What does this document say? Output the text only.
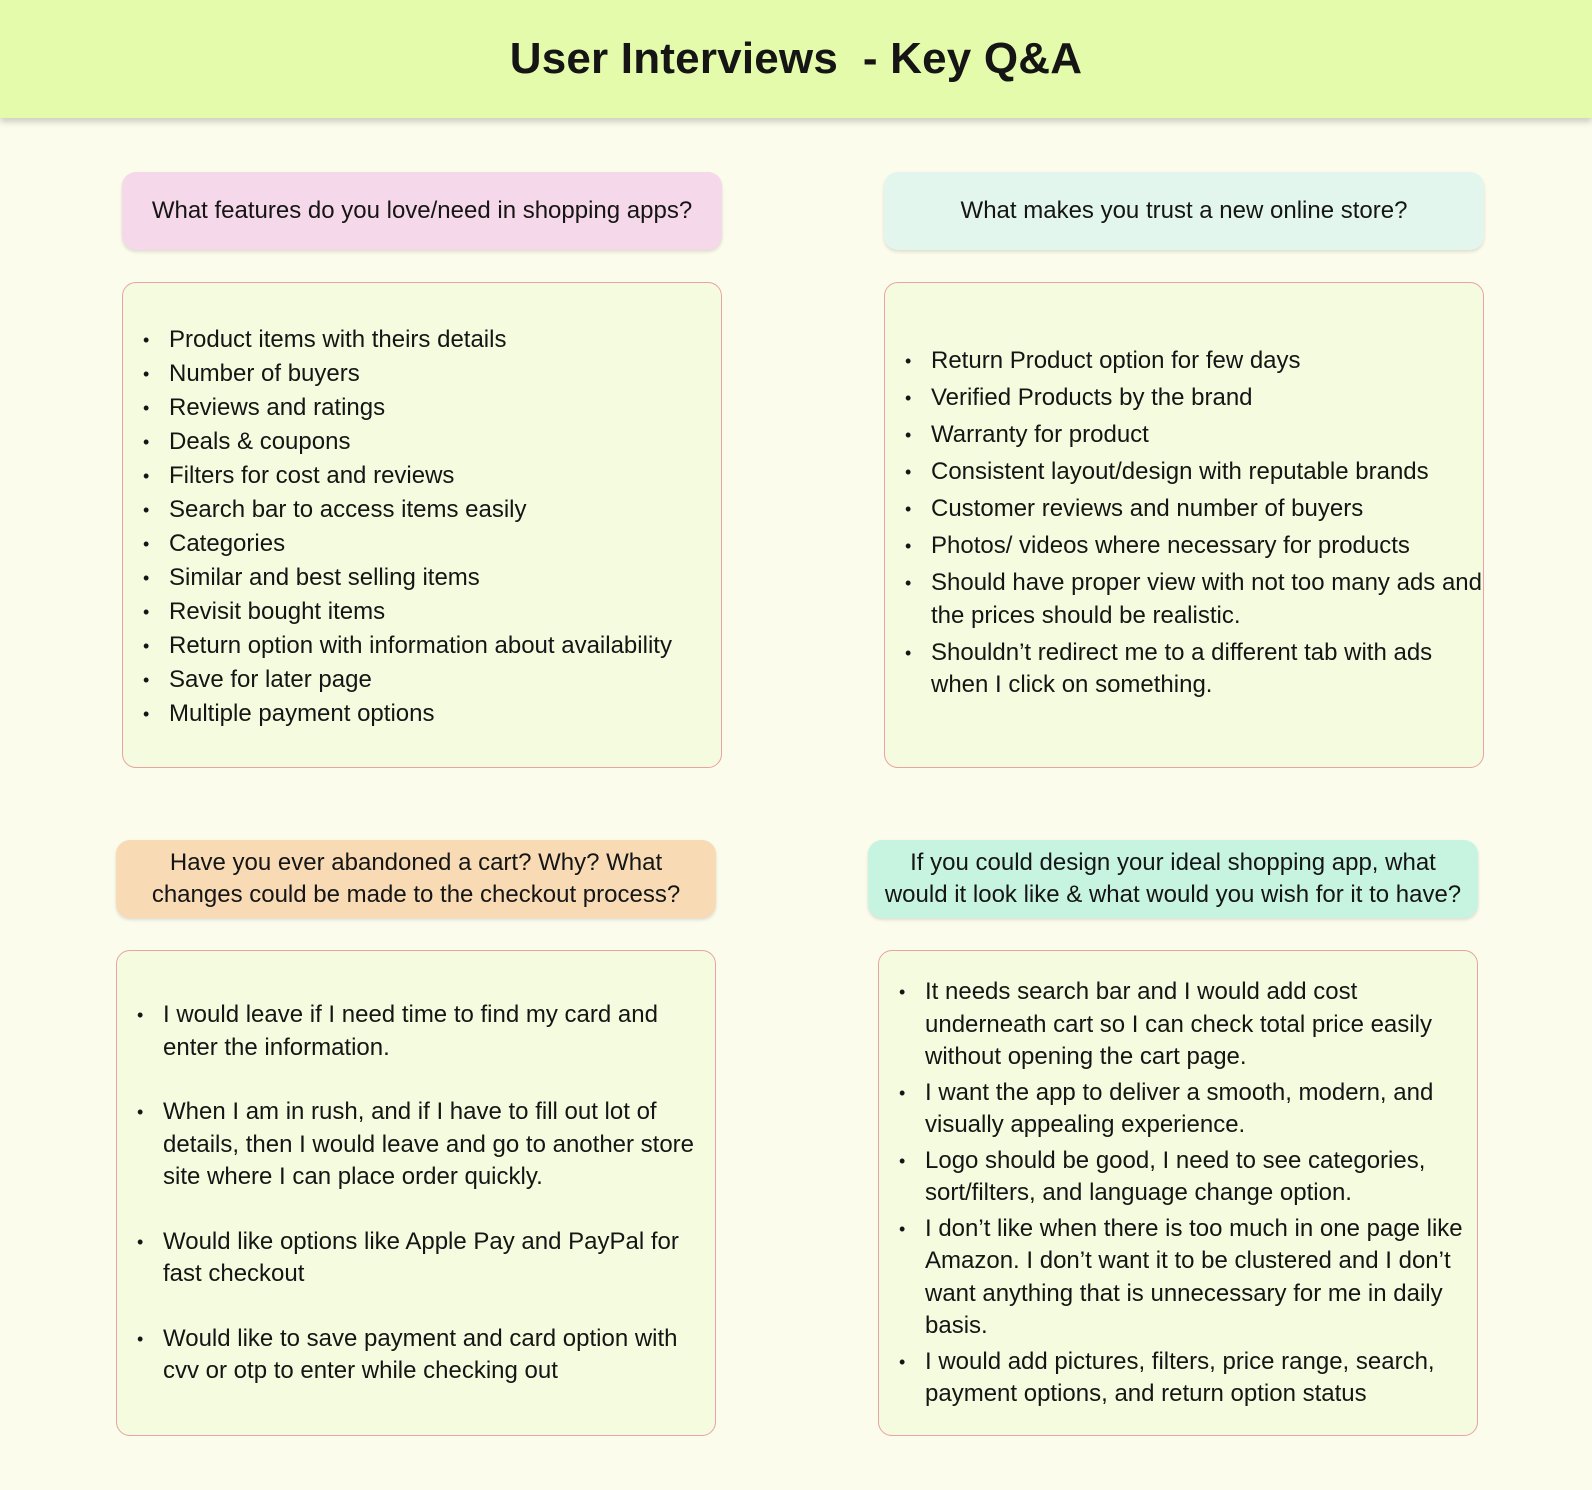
User Interviews  - Key Q&A
What features do you love/need in shopping apps?
• Product items with theirs details
• Number of buyers
• Reviews and ratings
• Deals & coupons
• Filters for cost and reviews
• Search bar to access items easily
• Categories
• Similar and best selling items
• Revisit bought items
• Return option with information about availability
• Save for later page
• Multiple payment options
What makes you trust a new online store?
• Return Product option for few days
• Verified Products by the brand
• Warranty for product
• Consistent layout/design with reputable brands
• Customer reviews and number of buyers
• Photos/ videos where necessary for products
• Should have proper view with not too many ads and the prices should be realistic.
• Shouldn’t redirect me to a different tab with ads when I click on something.
Have you ever abandoned a cart? Why? What changes could be made to the checkout process?
• I would leave if I need time to find my card and enter the information.
• When I am in rush, and if I have to fill out lot of details, then I would leave and go to another store site where I can place order quickly.
• Would like options like Apple Pay and PayPal for fast checkout
• Would like to save payment and card option with cvv or otp to enter while checking out
If you could design your ideal shopping app, what would it look like & what would you wish for it to have?
• It needs search bar and I would add cost underneath cart so I can check total price easily without opening the cart page.
• I want the app to deliver a smooth, modern, and visually appealing experience.
• Logo should be good, I need to see categories, sort/filters, and language change option.
• I don’t like when there is too much in one page like Amazon. I don’t want it to be clustered and I don’t want anything that is unnecessary for me in daily basis.
• I would add pictures, filters, price range, search, payment options, and return option status
